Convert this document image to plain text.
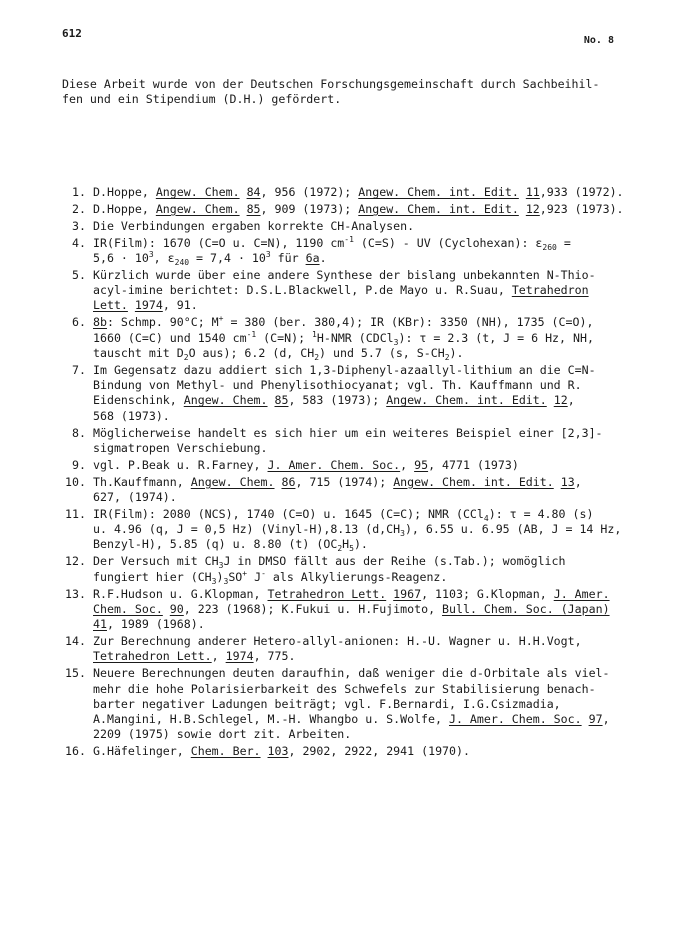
612
No. 8
Diese Arbeit wurde von der Deutschen Forschungsgemeinschaft durch Sachbeihil-
fen und ein Stipendium (D.H.) gefördert.
1. D.Hoppe, Angew. Chem. 84, 956 (1972); Angew. Chem. int. Edit. 11,933 (1972).
2. D.Hoppe, Angew. Chem. 85, 909 (1973); Angew. Chem. int. Edit. 12,923 (1973).
3. Die Verbindungen ergaben korrekte CH-Analysen.
4. IR(Film): 1670 (C=O u. C=N), 1190 $cm^{-1}$ (C=S) - UV (Cyclohexan): $\varepsilon_{260}$ =
$5,6 \cdot 10^3$, $\varepsilon_{240} = 7,4 \cdot 10^3$ für 6a.
5. Kürzlich wurde über eine andere Synthese der bislang unbekannten N-Thio-
acyl-imine berichtet: D.S.L.Blackwell, P.de Mayo u. R.Suau, Tetrahedron
Lett. 1974, 91.
6. 8b: Schmp. 90°C; M+ = 380 (ber. 380,4); IR (KBr): 3350 (NH), 1735 (C=O),
1660 (C=C) und 1540 $cm^{-1}$ (C=N); $^1$H-NMR (CDCl$_3$): τ = 2.3 (t, J = 6 Hz, NH,
tauscht mit $D_2O$ aus); 6.2 (d, $CH_2$) und 5.7 (s, $S-CH_2$).
7. Im Gegensatz dazu addiert sich 1,3-Diphenyl-azaallyl-lithium an die C=N-
Bindung von Methyl- und Phenylisothiocyanat; vgl. Th. Kauffmann und R.
Eidenschink, Angew. Chem. 85, 583 (1973); Angew. Chem. int. Edit. 12,
568 (1973).
8. Möglicherweise handelt es sich hier um ein weiteres Beispiel einer [2,3]-
sigmatropen Verschiebung.
9. vgl. P.Beak u. R.Farney, J. Amer. Chem. Soc., 95, 4771 (1973)
10. Th.Kauffmann, Angew. Chem. 86, 715 (1974); Angew. Chem. int. Edit. 13,
627, (1974).
11. IR(Film): 2080 (NCS), 1740 (C=O) u. 1645 (C=C); NMR (CCl$_4$): τ = 4.80 (s)
u. 4.96 (q, J = 0,5 Hz) (Vinyl-H),8.13 $(d,CH_3)$, 6.55 u. 6.95 (AB, J = 14 Hz,
Benzyl-H), 5.85 (q) u. 8.80 (t) $(OC_2H_5)$.
12. Der Versuch mit $CH_3J$ in DMSO fällt aus der Reihe (s.Tab.); womöglich
fungiert hier $(CH_3)_3SO^+$ J- als Alkylierungs-Reagenz.
13. R.F.Hudson u. G.Klopman, Tetrahedron Lett. 1967, 1103; G.Klopman, J. Amer.
Chem. Soc. 90, 223 (1968); K.Fukui u. H.Fujimoto, Bull. Chem. Soc. (Japan)
41, 1989 (1968).
14. Zur Berechnung anderer Hetero-allyl-anionen: H.-U. Wagner u. H.H.Vogt,
Tetrahedron Lett., 1974, 775.
15. Neuere Berechnungen deuten daraufhin, daß weniger die d-Orbitale als viel-
mehr die hohe Polarisierbarkeit des Schwefels zur Stabilisierung benach-
barter negativer Ladungen beiträgt; vgl. F.Bernardi, I.G.Csizmadia,
A.Mangini, H.B.Schlegel, M.-H. Whangbo u. S.Wolfe, J. Amer. Chem. Soc. 97,
2209 (1975) sowie dort zit. Arbeiten.
16. G.Häfelinger, Chem. Ber. 103, 2902, 2922, 2941 (1970).
